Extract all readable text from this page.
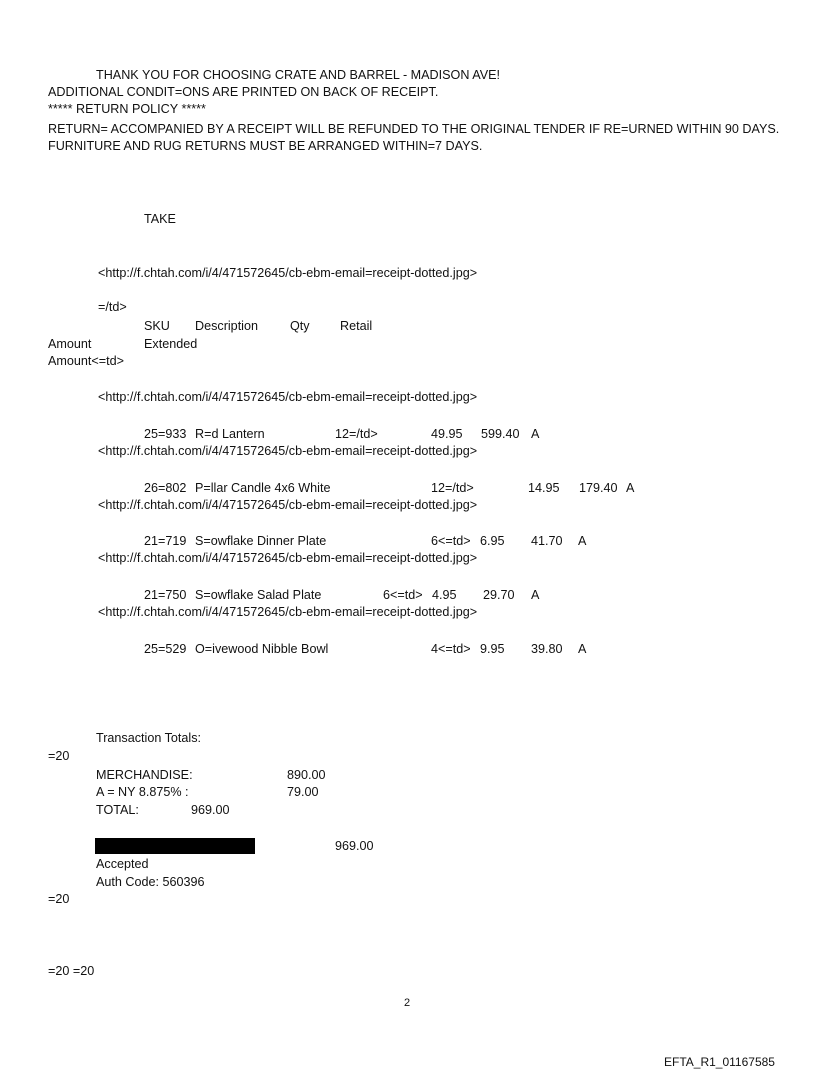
THANK YOU FOR CHOOSING CRATE AND BARREL - MADISON AVE!
ADDITIONAL CONDIT=ONS ARE PRINTED ON BACK OF RECEIPT.
***** RETURN POLICY *****
RETURN= ACCOMPANIED BY A RECEIPT WILL BE REFUNDED TO THE ORIGINAL TENDER IF RE=URNED WITHIN 90 DAYS.
FURNITURE AND RUG RETURNS MUST BE ARRANGED WITHIN=7 DAYS.
TAKE
<http://f.chtah.com/i/4/471572645/cb-ebm-email=receipt-dotted.jpg>
=/td>
SKU Description	Qty Retail
Amount	Extended
Amount<=td>
<http://f.chtah.com/i/4/471572645/cb-ebm-email=receipt-dotted.jpg>
25=933 R=d Lantern	12=/td>	49.95 599.40 A
<http://f.chtah.com/i/4/471572645/cb-ebm-email=receipt-dotted.jpg>
26=802 P=llar Candle 4x6 White	12=/td>	14.95 179.40 A
<http://f.chtah.com/i/4/471572645/cb-ebm-email=receipt-dotted.jpg>
21=719 S=owflake Dinner Plate	6<=td> 6.95 41.70 A
<http://f.chtah.com/i/4/471572645/cb-ebm-email=receipt-dotted.jpg>
21=750 S=owflake Salad Plate	6<=td> 4.95 29.70 A
<http://f.chtah.com/i/4/471572645/cb-ebm-email=receipt-dotted.jpg>
25=529 O=ivewood Nibble Bowl	4<=td> 9.95 39.80 A
Transaction Totals:
=20
MERCHANDISE:	890.00
A = NY 8.875% :	79.00
TOTAL:	969.00
969.00
Accepted
Auth Code: 560396
=20
=20 =20
2
EFTA_R1_01167585
